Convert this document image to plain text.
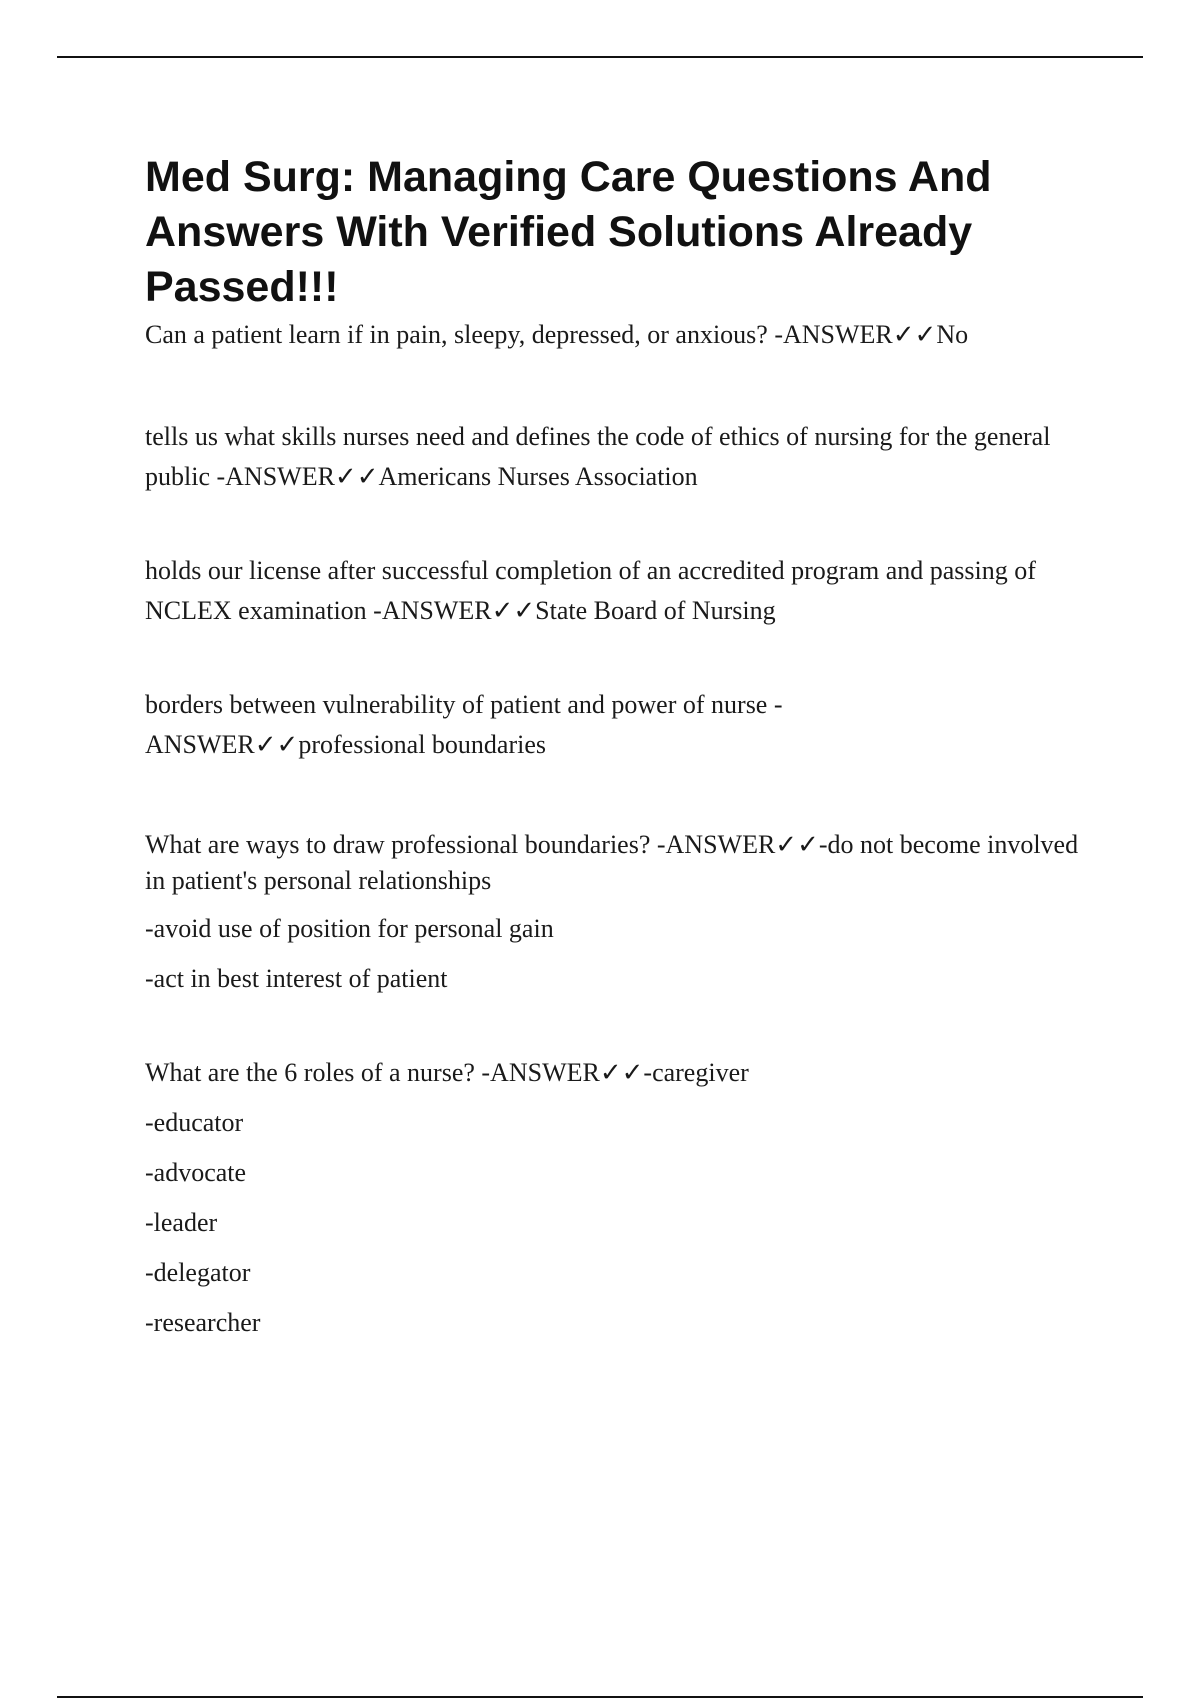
Med Surg: Managing Care Questions And Answers With Verified Solutions Already Passed!!!

Can a patient learn if in pain, sleepy, depressed, or anxious? -ANSWER✓✓No

tells us what skills nurses need and defines the code of ethics of nursing for the general public -ANSWER✓✓Americans Nurses Association

holds our license after successful completion of an accredited program and passing of NCLEX examination -ANSWER✓✓State Board of Nursing

borders between vulnerability of patient and power of nurse -ANSWER✓✓professional boundaries

What are ways to draw professional boundaries? -ANSWER✓✓-do not become involved in patient's personal relationships

-avoid use of position for personal gain

-act in best interest of patient

What are the 6 roles of a nurse? -ANSWER✓✓-caregiver

-educator

-advocate

-leader

-delegator

-researcher
